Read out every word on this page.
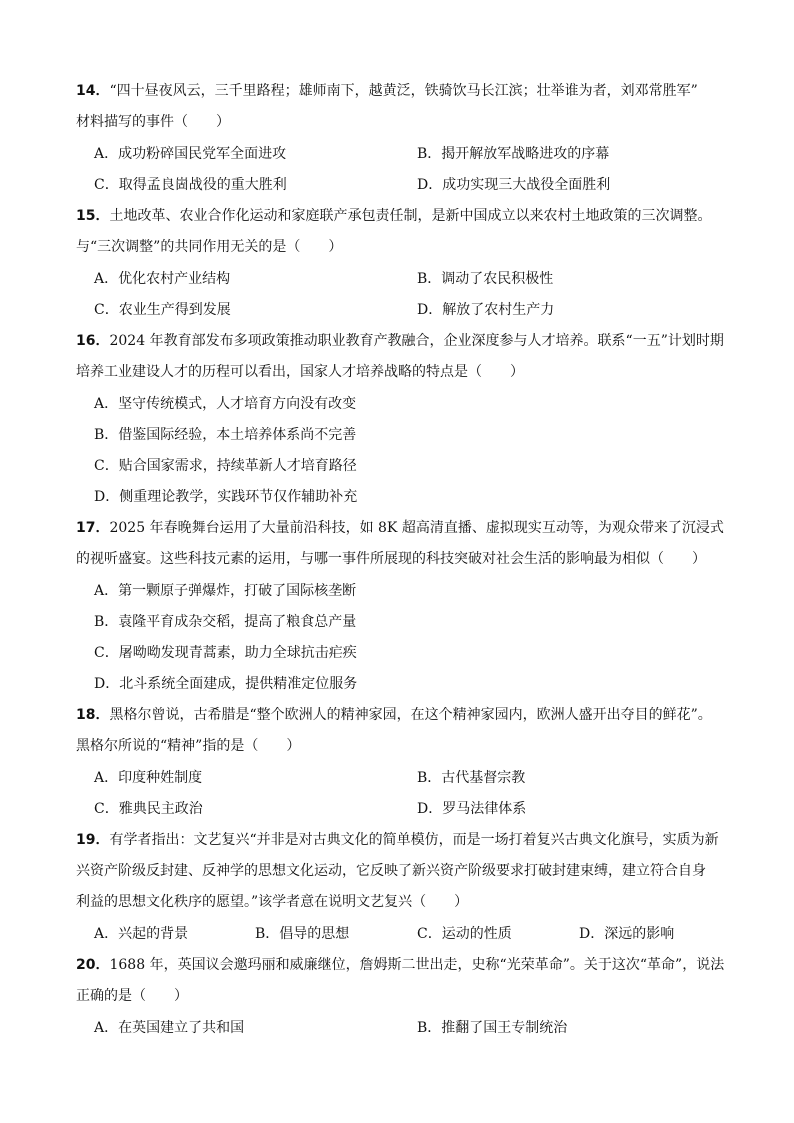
14．“四十昼夜风云，三千里路程；雄师南下，越黄泛，铁骑饮马长江滨；壮举谁为者，刘邓常胜军”
材料描写的事件（　　）
A．成功粉碎国民党军全面进攻	B．揭开解放军战略进攻的序幕
C．取得孟良崮战役的重大胜利	D．成功实现三大战役全面胜利
15．土地改革、农业合作化运动和家庭联产承包责任制，是新中国成立以来农村土地政策的三次调整。
与“三次调整”的共同作用无关的是（　　）
A．优化农村产业结构	B．调动了农民积极性
C．农业生产得到发展	D．解放了农村生产力
16．2024 年教育部发布多项政策推动职业教育产教融合，企业深度参与人才培养。联系“一五”计划时期
培养工业建设人才的历程可以看出，国家人才培养战略的特点是（　　）
A．坚守传统模式，人才培育方向没有改变
B．借鉴国际经验，本土培养体系尚不完善
C．贴合国家需求，持续革新人才培育路径
D．侧重理论教学，实践环节仅作辅助补充
17．2025 年春晚舞台运用了大量前沿科技，如 8K 超高清直播、虚拟现实互动等，为观众带来了沉浸式
的视听盛宴。这些科技元素的运用，与哪一事件所展现的科技突破对社会生活的影响最为相似（　　）
A．第一颗原子弹爆炸，打破了国际核垄断
B．袁隆平育成杂交稻，提高了粮食总产量
C．屠呦呦发现青蒿素，助力全球抗击疟疾
D．北斗系统全面建成，提供精准定位服务
18．黑格尔曾说，古希腊是“整个欧洲人的精神家园，在这个精神家园内，欧洲人盛开出夺目的鲜花”。
黑格尔所说的“精神”指的是（　　）
A．印度种姓制度	B．古代基督宗教
C．雅典民主政治	D．罗马法律体系
19．有学者指出：文艺复兴“并非是对古典文化的简单模仿，而是一场打着复兴古典文化旗号，实质为新
兴资产阶级反封建、反神学的思想文化运动，它反映了新兴资产阶级要求打破封建束缚，建立符合自身
利益的思想文化秩序的愿望。”该学者意在说明文艺复兴（　　）
A．兴起的背景	B．倡导的思想	C．运动的性质	D．深远的影响
20．1688 年，英国议会邀玛丽和威廉继位，詹姆斯二世出走，史称“光荣革命”。关于这次“革命”，说法
正确的是（　　）
A．在英国建立了共和国	B．推翻了国王专制统治
